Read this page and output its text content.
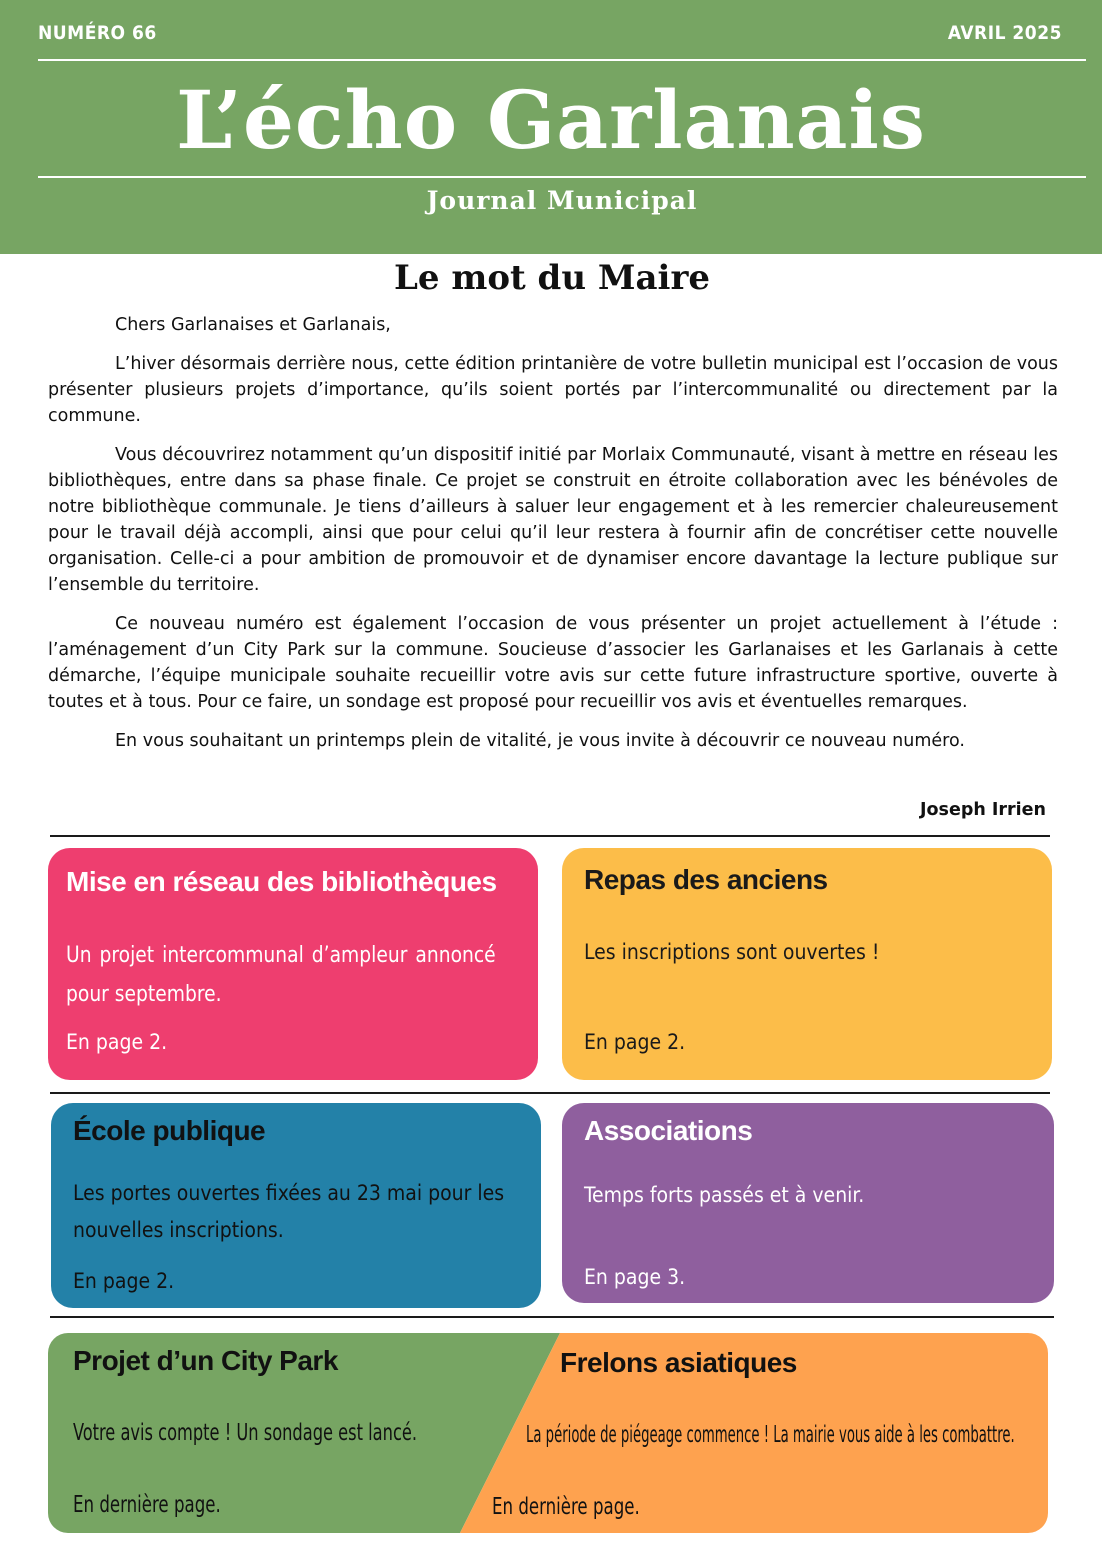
NUMÉRO 66	AVRIL 2025
L’écho Garlanais
Journal Municipal
Le mot du Maire

Chers Garlanaises et Garlanais,

L’hiver désormais derrière nous, cette édition printanière de votre bulletin municipal est l’occasion de vous présenter plusieurs projets d’importance, qu’ils soient portés par l’intercommunalité ou directement par la commune.

Vous découvrirez notamment qu’un dispositif initié par Morlaix Communauté, visant à mettre en réseau les bibliothèques, entre dans sa phase finale. Ce projet se construit en étroite collaboration avec les bénévoles de notre bibliothèque communale. Je tiens d’ailleurs à saluer leur engagement et à les remercier chaleureusement pour le travail déjà accompli, ainsi que pour celui qu’il leur restera à fournir afin de concrétiser cette nouvelle organisation. Celle-ci a pour ambition de promouvoir et de dynamiser encore davantage la lecture publique sur l’ensemble du territoire.

Ce nouveau numéro est également l’occasion de vous présenter un projet actuellement à l’étude : l’aménagement d’un City Park sur la commune. Soucieuse d’associer les Garlanaises et les Garlanais à cette démarche, l’équipe municipale souhaite recueillir votre avis sur cette future infrastructure sportive, ouverte à toutes et à tous. Pour ce faire, un sondage est proposé pour recueillir vos avis et éventuelles remarques.

En vous souhaitant un printemps plein de vitalité, je vous invite à découvrir ce nouveau numéro.

Joseph Irrien
Mise en réseau des bibliothèques
Un projet intercommunal d’ampleur annoncé pour septembre.
En page 2.
Repas des anciens
Les inscriptions sont ouvertes !
En page 2.
École publique
Les portes ouvertes fixées au 23 mai pour les nouvelles inscriptions.
En page 2.
Associations
Temps forts passés et à venir.
En page 3.
Projet d’un City Park
Votre avis compte ! Un sondage est lancé.
En dernière page.
Frelons asiatiques
La période de piégeage commence ! La mairie vous aide à les combattre.
En dernière page.
